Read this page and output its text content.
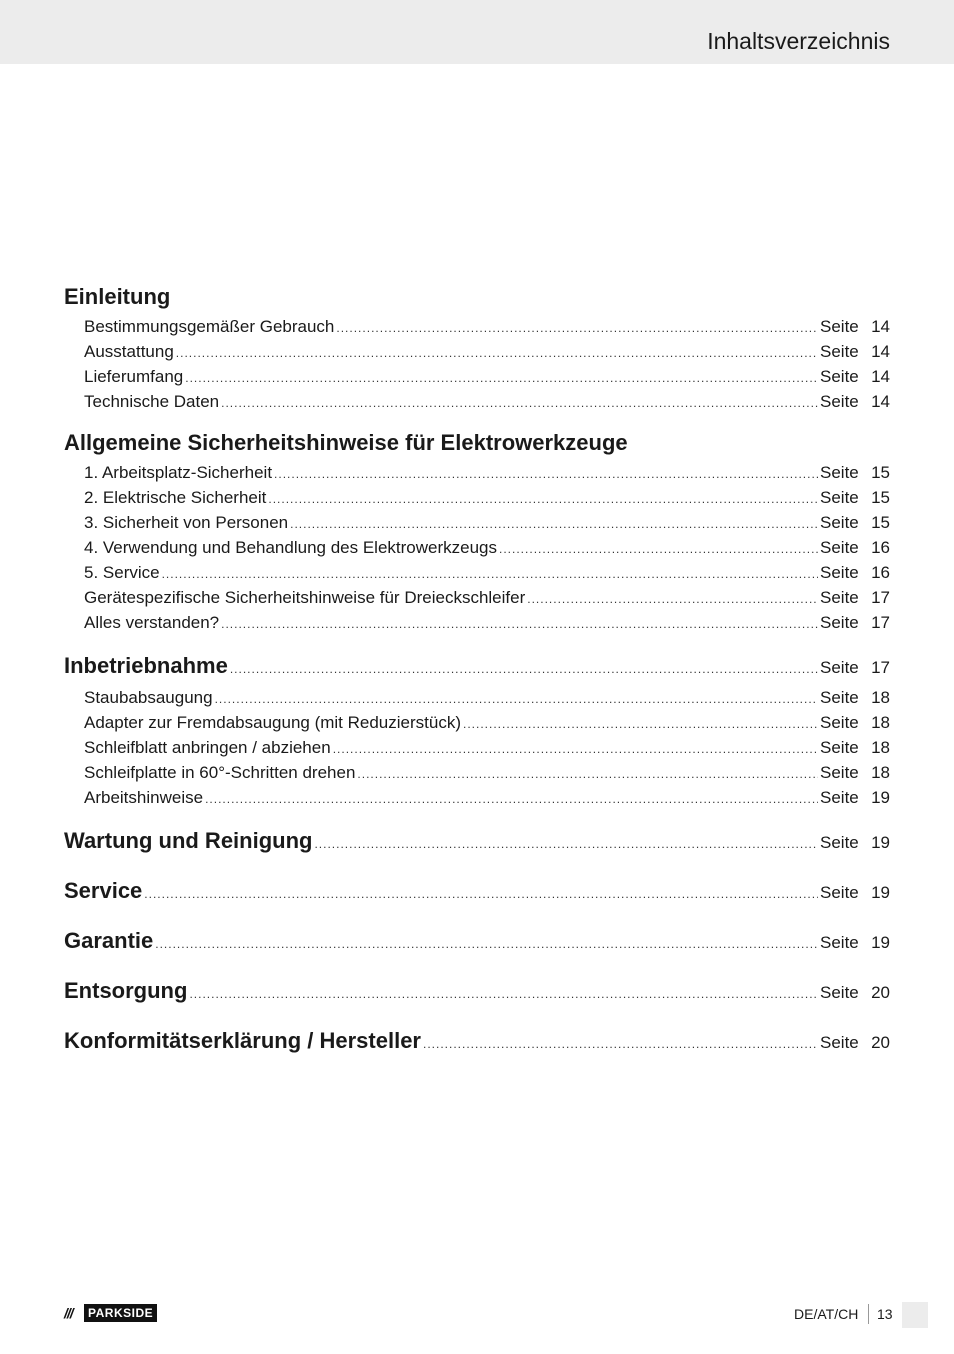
Inhaltsverzeichnis
Einleitung
Bestimmungsgemäßer Gebrauch .....	Seite 14
Ausstattung .....	Seite 14
Lieferumfang .....	Seite 14
Technische Daten .....	Seite 14
Allgemeine Sicherheitshinweise für Elektrowerkzeuge
1. Arbeitsplatz-Sicherheit .....	Seite 15
2. Elektrische Sicherheit .....	Seite 15
3. Sicherheit von Personen .....	Seite 15
4. Verwendung und Behandlung des Elektrowerkzeugs .....	Seite 16
5. Service .....	Seite 16
Gerätespezifische Sicherheitshinweise für Dreieckschleifer .....	Seite 17
Alles verstanden? .....	Seite 17
Inbetriebnahme .....	Seite 17
Staubabsaugung .....	Seite 18
Adapter zur Fremdabsaugung (mit Reduzierstück) .....	Seite 18
Schleifblatt anbringen / abziehen .....	Seite 18
Schleifplatte in 60°-Schritten drehen .....	Seite 18
Arbeitshinweise .....	Seite 19
Wartung und Reinigung .....	Seite 19
Service .....	Seite 19
Garantie .....	Seite 19
Entsorgung .....	Seite 20
Konformitätserklärung / Hersteller .....	Seite 20
///	PARKSIDE	DE/AT/CH 13
